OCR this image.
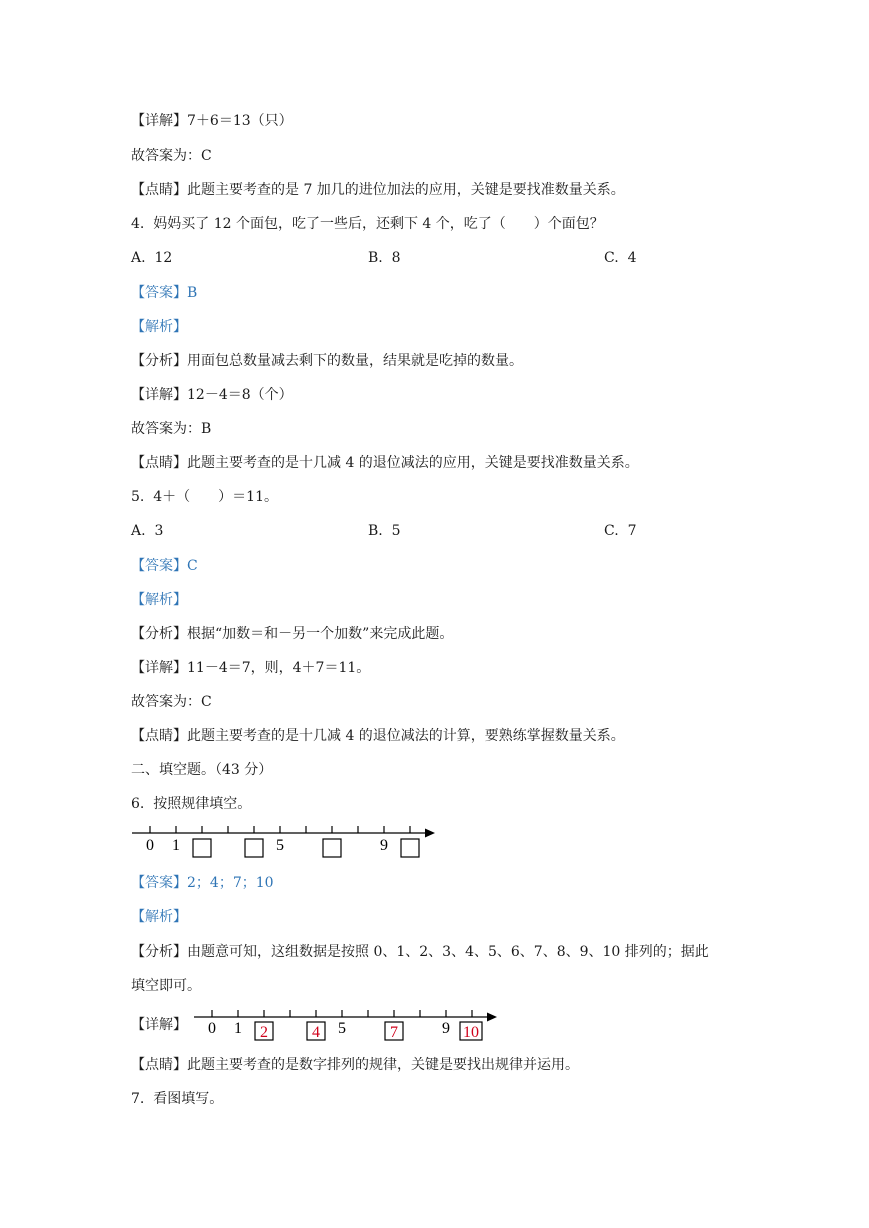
【详解】7＋6＝13（只）
故答案为：C
【点睛】此题主要考查的是 7 加几的进位加法的应用，关键是要找准数量关系。
4.  妈妈买了 12 个面包，吃了一些后，还剩下 4 个，吃了（　　）个面包？
A.  12	B.  8	C.  4
【答案】B
【解析】
【分析】用面包总数量减去剩下的数量，结果就是吃掉的数量。
【详解】12－4＝8（个）
故答案为：B
【点睛】此题主要考查的是十几减 4 的退位减法的应用，关键是要找准数量关系。
5.  4＋（　　）＝11。
A.  3	B.  5	C.  7
【答案】C
【解析】
【分析】根据“加数＝和－另一个加数”来完成此题。
【详解】11－4＝7，则，4＋7＝11。
故答案为：C
【点睛】此题主要考查的是十几减 4 的退位减法的计算，要熟练掌握数量关系。
二、填空题。（43 分）
6.  按照规律填空。
0 1	5	9
【答案】2；4；7；10
【解析】
【分析】由题意可知，这组数据是按照 0、1、2、3、4、5、6、7、8、9、10 排列的；据此
填空即可。
【详解】 0 1	5	9
2	4	7	10
【点睛】此题主要考查的是数字排列的规律，关键是要找出规律并运用。
7.  看图填写。
